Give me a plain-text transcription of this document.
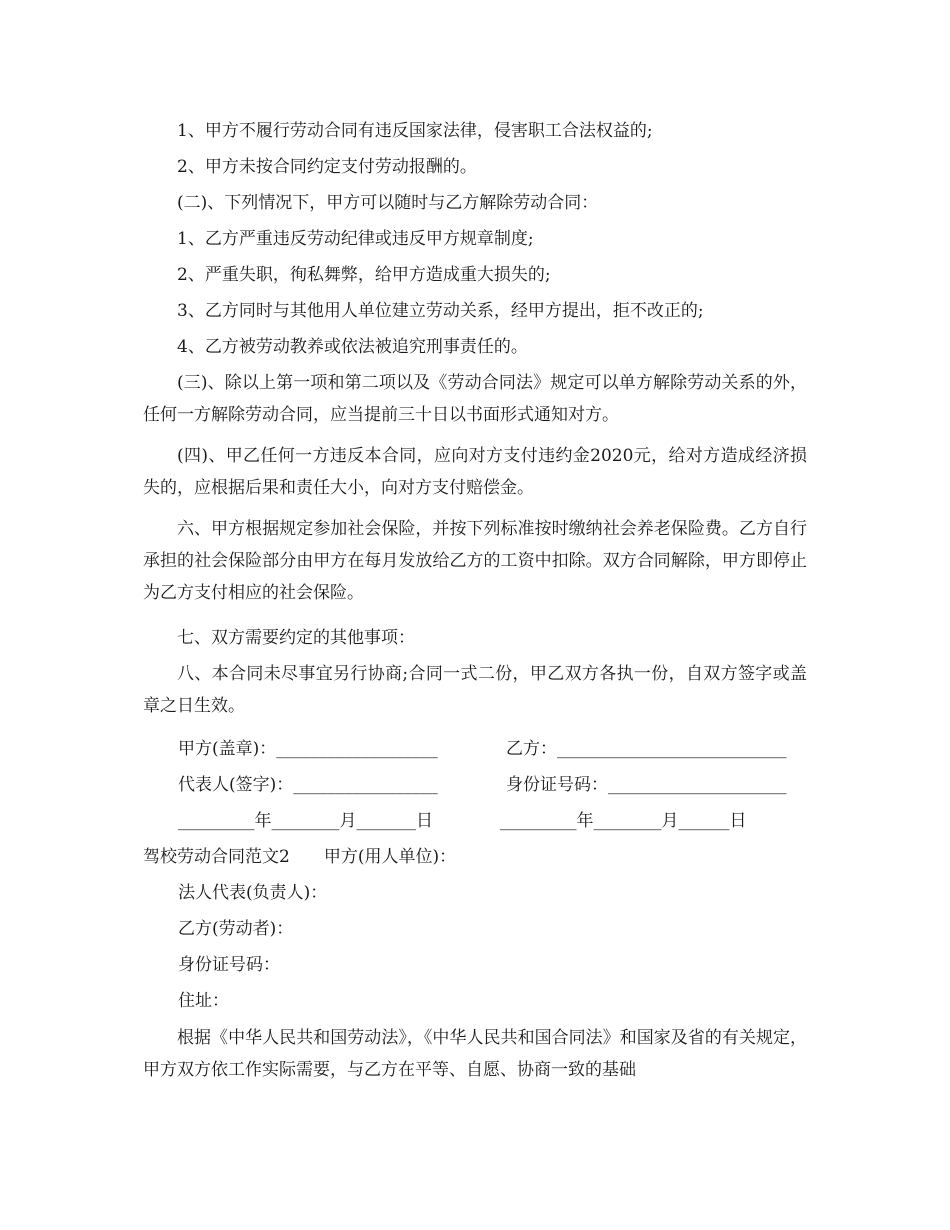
1、甲方不履行劳动合同有违反国家法律，侵害职工合法权益的;

2、甲方未按合同约定支付劳动报酬的。

(二)、下列情况下，甲方可以随时与乙方解除劳动合同：

1、乙方严重违反劳动纪律或违反甲方规章制度;

2、严重失职，徇私舞弊，给甲方造成重大损失的;

3、乙方同时与其他用人单位建立劳动关系，经甲方提出，拒不改正的;

4、乙方被劳动教养或依法被追究刑事责任的。

(三)、除以上第一项和第二项以及《劳动合同法》规定可以单方解除劳动关系的外，任何一方解除劳动合同，应当提前三十日以书面形式通知对方。

(四)、甲乙任何一方违反本合同，应向对方支付违约金2020元，给对方造成经济损失的，应根据后果和责任大小，向对方支付赔偿金。

六、甲方根据规定参加社会保险，并按下列标准按时缴纳社会养老保险费。乙方自行承担的社会保险部分由甲方在每月发放给乙方的工资中扣除。双方合同解除，甲方即停止为乙方支付相应的社会保险。

七、双方需要约定的其他事项：

八、本合同未尽事宜另行协商;合同一式二份，甲乙双方各执一份，自双方签字或盖章之日生效。

甲方(盖章)：___________________	乙方：___________________________
代表人(签字)：_________________	身份证号码：_____________________
_________年________月_______日	_________年________月______日
驾校劳动合同范文2　　甲方(用人单位)：
法人代表(负责人)：
乙方(劳动者)：
身份证号码：
住址：

根据《中华人民共和国劳动法》，《中华人民共和国合同法》和国家及省的有关规定，甲方双方依工作实际需要，与乙方在平等、自愿、协商一致的基础
